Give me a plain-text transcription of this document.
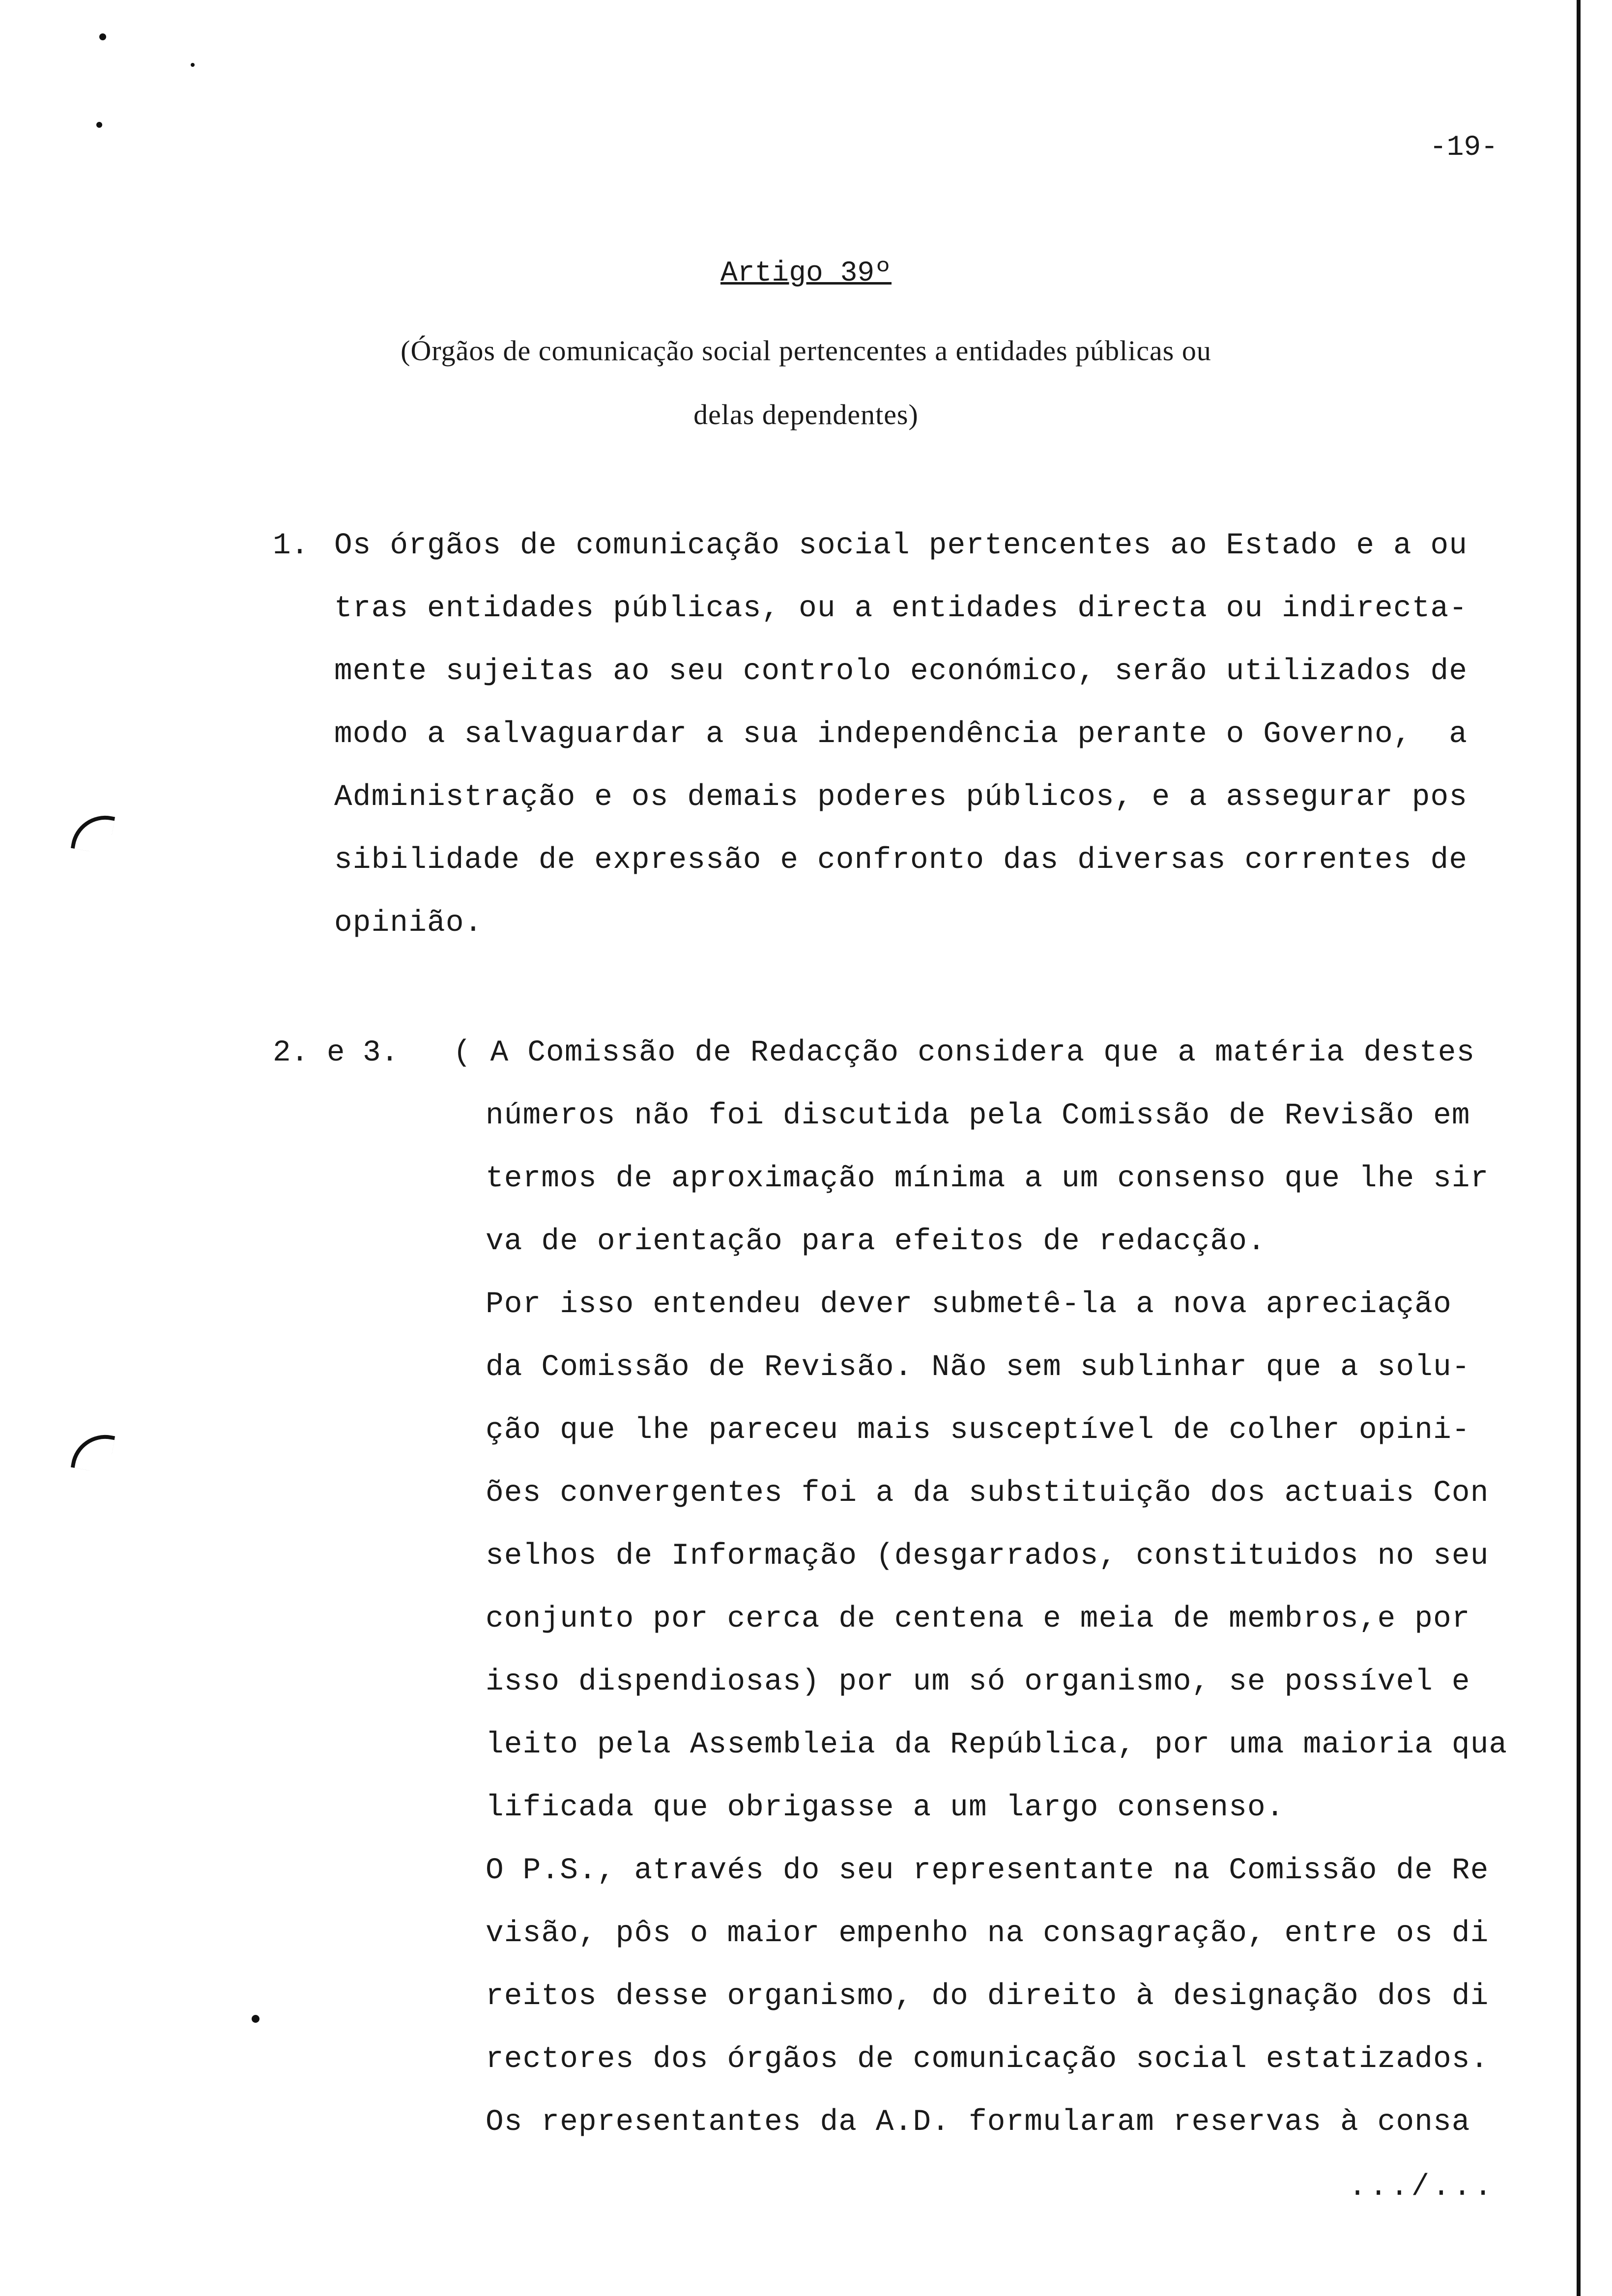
-19-
Artigo 39º
(Órgãos de comunicação social pertencentes a entidades públicas ou
delas dependentes)
1. Os órgãos de comunicação social pertencentes ao Estado e a ou
tras entidades públicas, ou a entidades directa ou indirecta-
mente sujeitas ao seu controlo económico, serão utilizados de
modo a salvaguardar a sua independência perante o Governo,  a
Administração e os demais poderes públicos, e a assegurar pos
sibilidade de expressão e confronto das diversas correntes de
opinião.
2. e 3. ( A Comissão de Redacção considera que a matéria destes
números não foi discutida pela Comissão de Revisão em
termos de aproximação mínima a um consenso que lhe sir
va de orientação para efeitos de redacção.
Por isso entendeu dever submetê-la a nova apreciação
da Comissão de Revisão. Não sem sublinhar que a solu-
ção que lhe pareceu mais susceptível de colher opini-
ões convergentes foi a da substituição dos actuais Con
selhos de Informação (desgarrados, constituidos no seu
conjunto por cerca de centena e meia de membros,e por
isso dispendiosas) por um só organismo, se possível e
leito pela Assembleia da República, por uma maioria qua
lificada que obrigasse a um largo consenso.
O P.S., através do seu representante na Comissão de Re
visão, pôs o maior empenho na consagração, entre os di
reitos desse organismo, do direito à designação dos di
rectores dos órgãos de comunicação social estatizados.
Os representantes da A.D. formularam reservas à consa
.../...
